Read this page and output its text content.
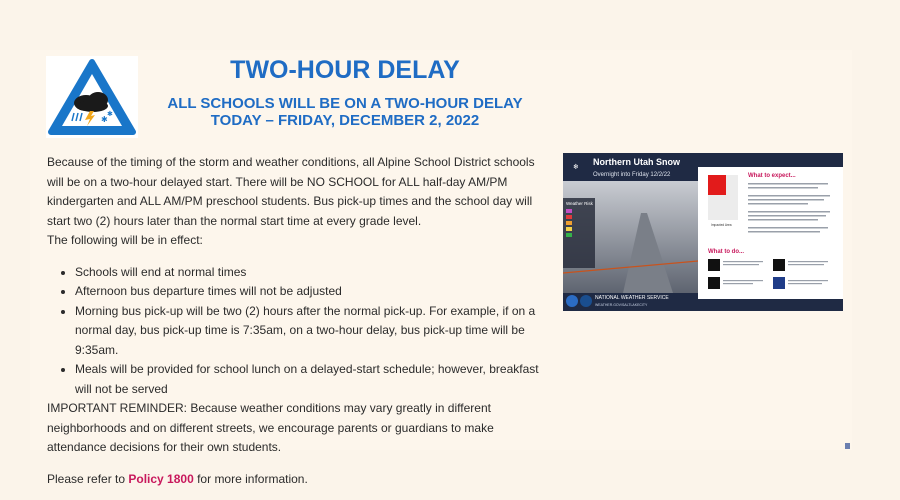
✱
✱
TWO-HOUR DELAY
ALL SCHOOLS WILL BE ON A TWO-HOUR DELAY
TODAY – FRIDAY, DECEMBER 2, 2022

Because of the timing of the storm and weather conditions, all Alpine School District schools will be on a two-hour delayed start. There will be NO SCHOOL for ALL half-day AM/PM kindergarten and ALL AM/PM preschool students. Bus pick-up times and the school day will start two (2) hours later than the normal start time at every grade level.

The following will be in effect:

• Schools will end at normal times
• Afternoon bus departure times will not be adjusted
• Morning bus pick-up will be two (2) hours after the normal pick-up. For example, if on a normal day, bus pick-up time is 7:35am, on a two-hour delay, bus pick-up time will be 9:35am.
• Meals will be provided for school lunch on a delayed-start schedule; however, breakfast will not be served

IMPORTANT REMINDER: Because weather conditions may vary greatly in different neighborhoods and on different streets, we encourage parents or guardians to make attendance decisions for their own students.

Please refer to Policy 1800 for more information.

❄ Northern Utah Snow
Overnight into Friday 12/2/22
Weather Risk
NATIONAL WEATHER SERVICE
WEATHER.GOV/SALTLAKECITY
What to expect...
Impacted Area
What to do...
